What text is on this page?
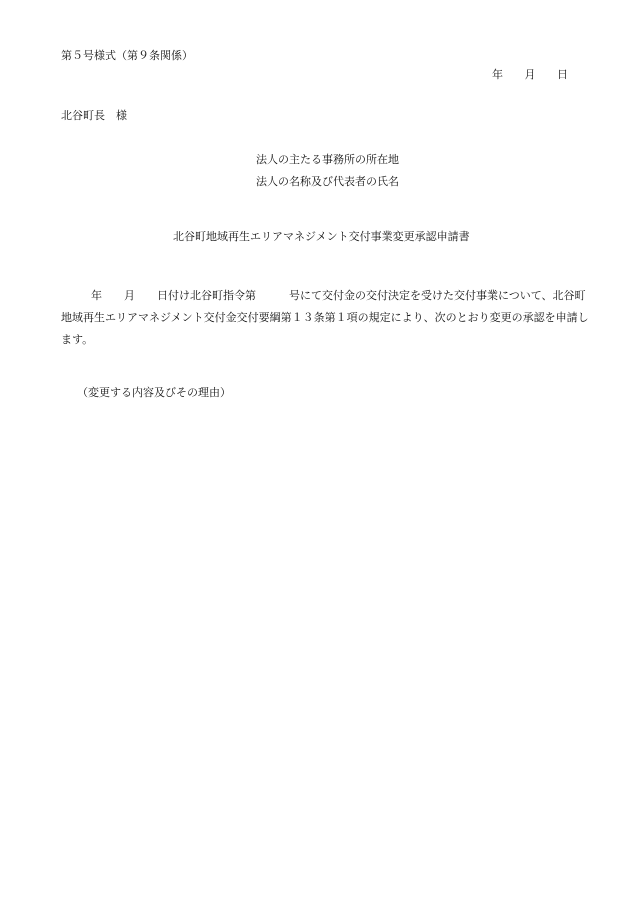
第５号様式（第９条関係）
年 月 日
北谷町長　様
法人の主たる事務所の所在地
法人の名称及び代表者の氏名
北谷町地域再生エリアマネジメント交付事業変更承認申請書
年 月 日付け北谷町指令第	号にて交付金の交付決定を受けた交付事業について、北谷町
地域再生エリアマネジメント交付金交付要綱第１３条第１項の規定により、次のとおり変更の承認を申請し
ます。
（変更する内容及びその理由）
